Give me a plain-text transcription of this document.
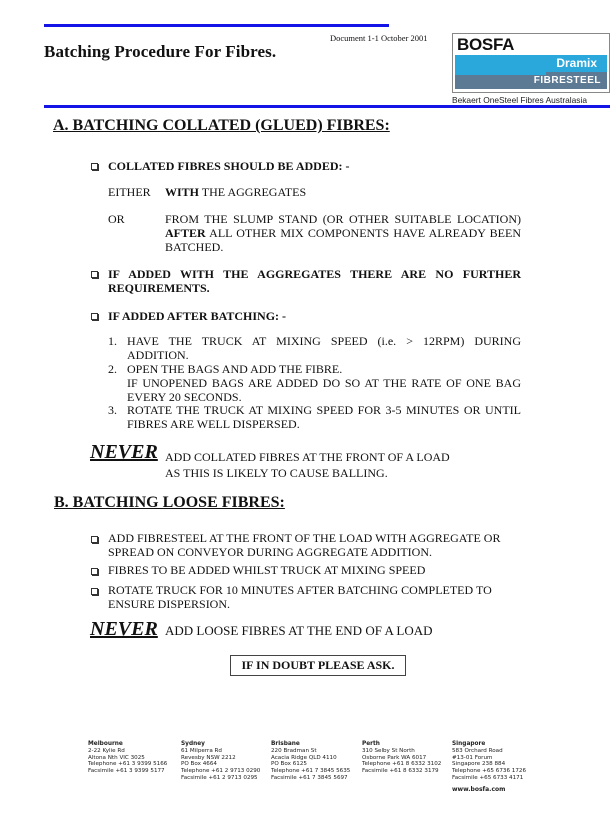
Document 1-1 October 2001
Batching Procedure For Fibres.	BOSFA
Dramix
FIBRESTEEL
Bekaert OneSteel Fibres Australasia
A. BATCHING COLLATED (GLUED) FIBRES:
COLLATED FIBRES SHOULD BE ADDED: -
EITHER WITH THE AGGREGATES
OR	FROM THE SLUMP STAND (OR OTHER SUITABLE LOCATION) AFTER ALL OTHER MIX COMPONENTS HAVE ALREADY BEEN BATCHED.
IF ADDED WITH THE AGGREGATES THERE ARE NO FURTHER REQUIREMENTS.
IF ADDED AFTER BATCHING: -
1. HAVE THE TRUCK AT MIXING SPEED (i.e. > 12RPM) DURING ADDITION.
2. OPEN THE BAGS AND ADD THE FIBRE.
IF UNOPENED BAGS ARE ADDED DO SO AT THE RATE OF ONE BAG EVERY 20 SECONDS.
3. ROTATE THE TRUCK AT MIXING SPEED FOR 3-5 MINUTES OR UNTIL FIBRES ARE WELL DISPERSED.
NEVER ADD COLLATED FIBRES AT THE FRONT OF A LOAD
AS THIS IS LIKELY TO CAUSE BALLING.
B. BATCHING LOOSE FIBRES:
ADD FIBRESTEEL AT THE FRONT OF THE LOAD WITH AGGREGATE OR SPREAD ON CONVEYOR DURING AGGREGATE ADDITION.
FIBRES TO BE ADDED WHILST TRUCK AT MIXING SPEED
ROTATE TRUCK FOR 10 MINUTES AFTER BATCHING COMPLETED TO ENSURE DISPERSION.
NEVER ADD LOOSE FIBRES AT THE END OF A LOAD
IF IN DOUBT PLEASE ASK.
Melbourne
2-22 Kylie Rd
Altona Nth VIC 3025
Telephone +61 3 9399 5166
Facsimile +61 3 9399 5177
Sydney
61 Milperra Rd
Revesby NSW 2212
PO Box 4664
Telephone +61 2 9713 0290
Facsimile +61 2 9713 0295
Brisbane
220 Bradman St
Acacia Ridge QLD 4110
PO Box 6125
Telephone +61 7 3845 5635
Facsimile +61 7 3845 5697
Perth
310 Selby St North
Osborne Park WA 6017
Telephone +61 8 6332 3102
Facsimile +61 8 6332 3179
Singapore
583 Orchard Road
#13-01 Forum
Singapore 238 884
Telephone +65 6736 1726
Facsimile +65 6733 4171
www.bosfa.com
